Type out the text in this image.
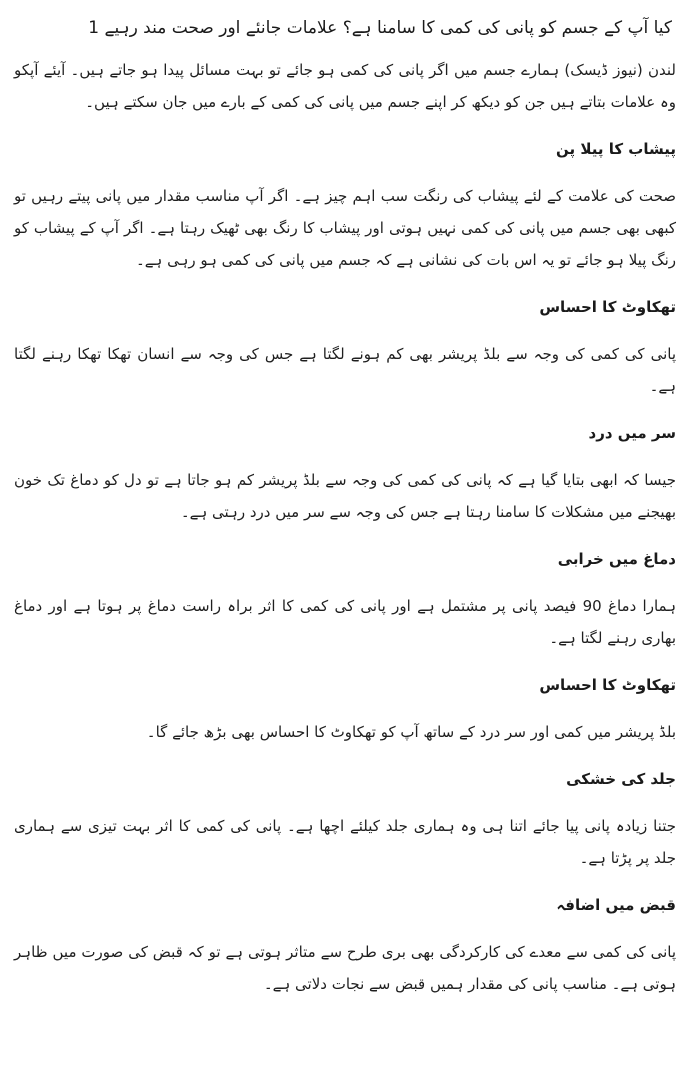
کیا آپ کے جسم کو پانی کی کمی کا سامنا ہے؟ علامات جانئے اور صحت مند رہیے 1

لندن (نیوز ڈیسک) ہمارے جسم میں اگر پانی کی کمی ہو جائے تو بہت مسائل پیدا ہو جاتے ہیں۔ آیئے آپکو وہ علامات بتاتے ہیں جن کو دیکھ کر اپنے جسم میں پانی کی کمی کے بارے میں جان سکتے ہیں۔

پیشاب کا پیلا پن

صحت کی علامت کے لئے پیشاب کی رنگت سب اہم چیز ہے۔ اگر آپ مناسب مقدار میں پانی پیتے رہیں تو کبھی بھی جسم میں پانی کی کمی نہیں ہوتی اور پیشاب کا رنگ بھی ٹھیک رہتا ہے۔ اگر آپ کے پیشاب کو رنگ پیلا ہو جائے تو یہ اس بات کی نشانی ہے کہ جسم میں پانی کی کمی ہو رہی ہے۔

تھکاوٹ کا احساس

پانی کی کمی کی وجہ سے بلڈ پریشر بھی کم ہونے لگتا ہے جس کی وجہ سے انسان تھکا تھکا رہنے لگتا ہے۔

سر میں درد

جیسا کہ ابھی بتایا گیا ہے کہ پانی کی کمی کی وجہ سے بلڈ پریشر کم ہو جاتا ہے تو دل کو دماغ تک خون بھیجنے میں مشکلات کا سامنا رہتا ہے جس کی وجہ سے سر میں درد رہتی ہے۔

دماغ میں خرابی

ہمارا دماغ 90 فیصد پانی پر مشتمل ہے اور پانی کی کمی کا اثر براہ راست دماغ پر ہوتا ہے اور دماغ بھاری رہنے لگتا ہے۔

تھکاوٹ کا احساس

بلڈ پریشر میں کمی اور سر درد کے ساتھ آپ کو تھکاوٹ کا احساس بھی بڑھ جائے گا۔

جلد کی خشکی

جتنا زیادہ پانی پیا جائے اتنا ہی وہ ہماری جلد کیلئے اچھا ہے۔ پانی کی کمی کا اثر بہت تیزی سے ہماری جلد پر پڑتا ہے۔

قبض میں اضافہ

پانی کی کمی سے معدے کی کارکردگی بھی بری طرح سے متاثر ہوتی ہے تو کہ قبض کی صورت میں ظاہر ہوتی ہے۔ مناسب پانی کی مقدار ہمیں قبض سے نجات دلاتی ہے۔
